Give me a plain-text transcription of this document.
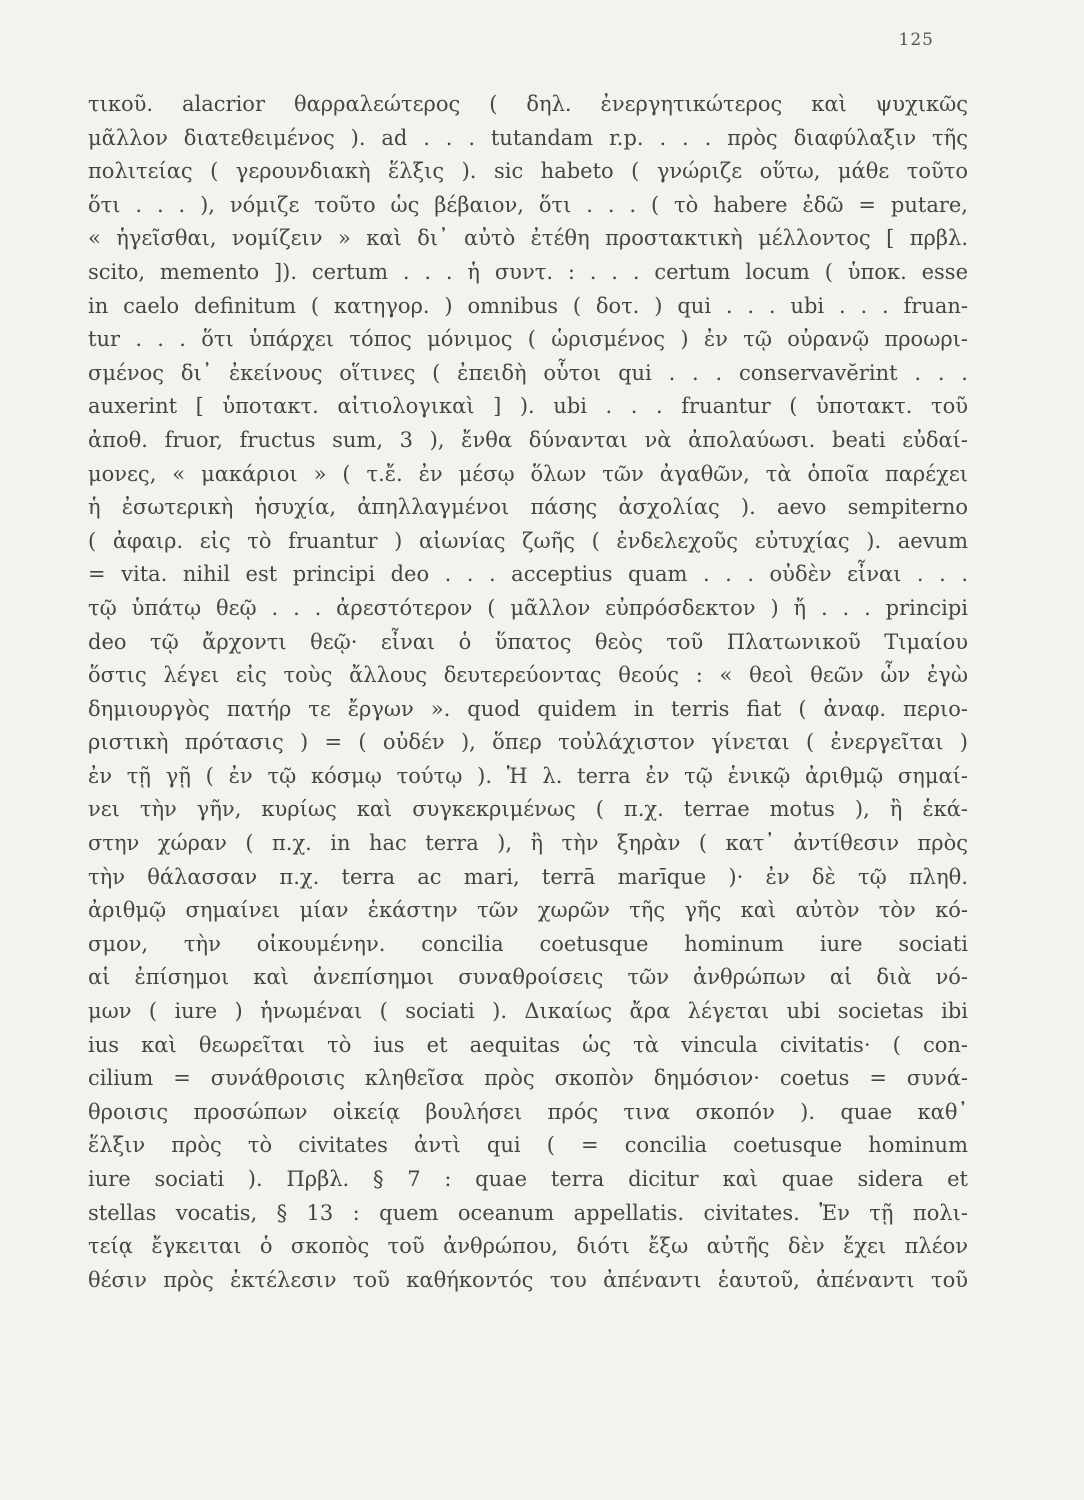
125
τικοῦ. alacrior θαρραλεώτερος ( δηλ. ἐνεργητικώτερος καὶ ψυχικῶς
μᾶλλον διατεθειμένος ). ad . . . tutandam r.p. . . . πρὸς διαφύλαξιν τῆς
πολιτείας ( γερουνδιακὴ ἕλξις ). sic habeto ( γνώριζε οὕτω, μάθε τοῦτο
ὅτι . . . ), νόμιζε τοῦτο ὡς βέβαιον, ὅτι . . . ( τὸ habere ἐδῶ = putare,
« ἡγεῖσθαι, νομίζειν » καὶ δι᾽ αὐτὸ ἐτέθη προστακτικὴ μέλλοντος [ πρβλ.
scito, memento ]). certum . . . ἡ συντ. : . . . certum locum ( ὑποκ. esse
in caelo definitum ( κατηγορ. ) omnibus ( δοτ. ) qui . . . ubi . . . fruan-
tur . . . ὅτι ὑπάρχει τόπος μόνιμος ( ὡρισμένος ) ἐν τῷ οὐρανῷ προωρι-
σμένος δι᾽ ἐκείνους οἵτινες ( ἐπειδὴ οὗτοι qui . . . conservavĕrint . . .
auxerint [ ὑποτακτ. αἰτιολογικαὶ ] ). ubi . . . fruantur ( ὑποτακτ. τοῦ
ἀποθ. fruor, fructus sum, 3 ), ἔνθα δύνανται νὰ ἀπολαύωσι. beati εὐδαί-
μονες, « μακάριοι » ( τ.ἔ. ἐν μέσῳ ὅλων τῶν ἀγαθῶν, τὰ ὁποῖα παρέχει
ἡ ἐσωτερικὴ ἡσυχία, ἀπηλλαγμένοι πάσης ἀσχολίας ). aevo sempiterno
( ἀφαιρ. εἰς τὸ fruantur ) αἰωνίας ζωῆς ( ἐνδελεχοῦς εὐτυχίας ). aevum
= vita. nihil est principi deo . . . acceptius quam . . . οὐδὲν εἶναι . . .
τῷ ὑπάτῳ θεῷ . . . ἀρεστότερον ( μᾶλλον εὐπρόσδεκτον ) ἤ . . . principi
deo τῷ ἄρχοντι θεῷ· εἶναι ὁ ὕπατος θεὸς τοῦ Πλατωνικοῦ Τιμαίου
ὅστις λέγει εἰς τοὺς ἄλλους δευτερεύοντας θεούς : « θεοὶ θεῶν ὧν ἐγὼ
δημιουργὸς πατήρ τε ἔργων ». quod quidem in terris fiat ( ἀναφ. περιο-
ριστικὴ πρότασις ) = ( οὐδέν ), ὅπερ τοὐλάχιστον γίνεται ( ἐνεργεῖται )
ἐν τῇ γῇ ( ἐν τῷ κόσμῳ τούτῳ ). Ἡ λ. terra ἐν τῷ ἑνικῷ ἀριθμῷ σημαί-
νει τὴν γῆν, κυρίως καὶ συγκεκριμένως ( π.χ. terrae motus ), ἢ ἑκά-
στην χώραν ( π.χ. in hac terra ), ἢ τὴν ξηρὰν ( κατ᾽ ἀντίθεσιν πρὸς
τὴν θάλασσαν π.χ. terra ac mari, terrā marīque )· ἐν δὲ τῷ πληθ.
ἀριθμῷ σημαίνει μίαν ἑκάστην τῶν χωρῶν τῆς γῆς καὶ αὐτὸν τὸν κό-
σμον, τὴν οἰκουμένην. concilia coetusque hominum iure sociati
αἱ ἐπίσημοι καὶ ἀνεπίσημοι συναθροίσεις τῶν ἀνθρώπων αἱ διὰ νό-
μων ( iure ) ἡνωμέναι ( sociati ). Δικαίως ἄρα λέγεται ubi societas ibi
ius καὶ θεωρεῖται τὸ ius et aequitas ὡς τὰ vincula civitatis· ( con-
cilium = συνάθροισις κληθεῖσα πρὸς σκοπὸν δημόσιον· coetus = συνά-
θροισις προσώπων οἰκείᾳ βουλήσει πρός τινα σκοπόν ). quae καθ᾽
ἕλξιν πρὸς τὸ civitates ἀντὶ qui ( = concilia coetusque hominum
iure sociati ). Πρβλ. § 7 : quae terra dicitur καὶ quae sidera et
stellas vocatis, § 13 : quem oceanum appellatis. civitates. Ἐν τῇ πολι-
τείᾳ ἔγκειται ὁ σκοπὸς τοῦ ἀνθρώπου, διότι ἔξω αὐτῆς δὲν ἔχει πλέον
θέσιν πρὸς ἐκτέλεσιν τοῦ καθήκοντός του ἀπέναντι ἑαυτοῦ, ἀπέναντι τοῦ
